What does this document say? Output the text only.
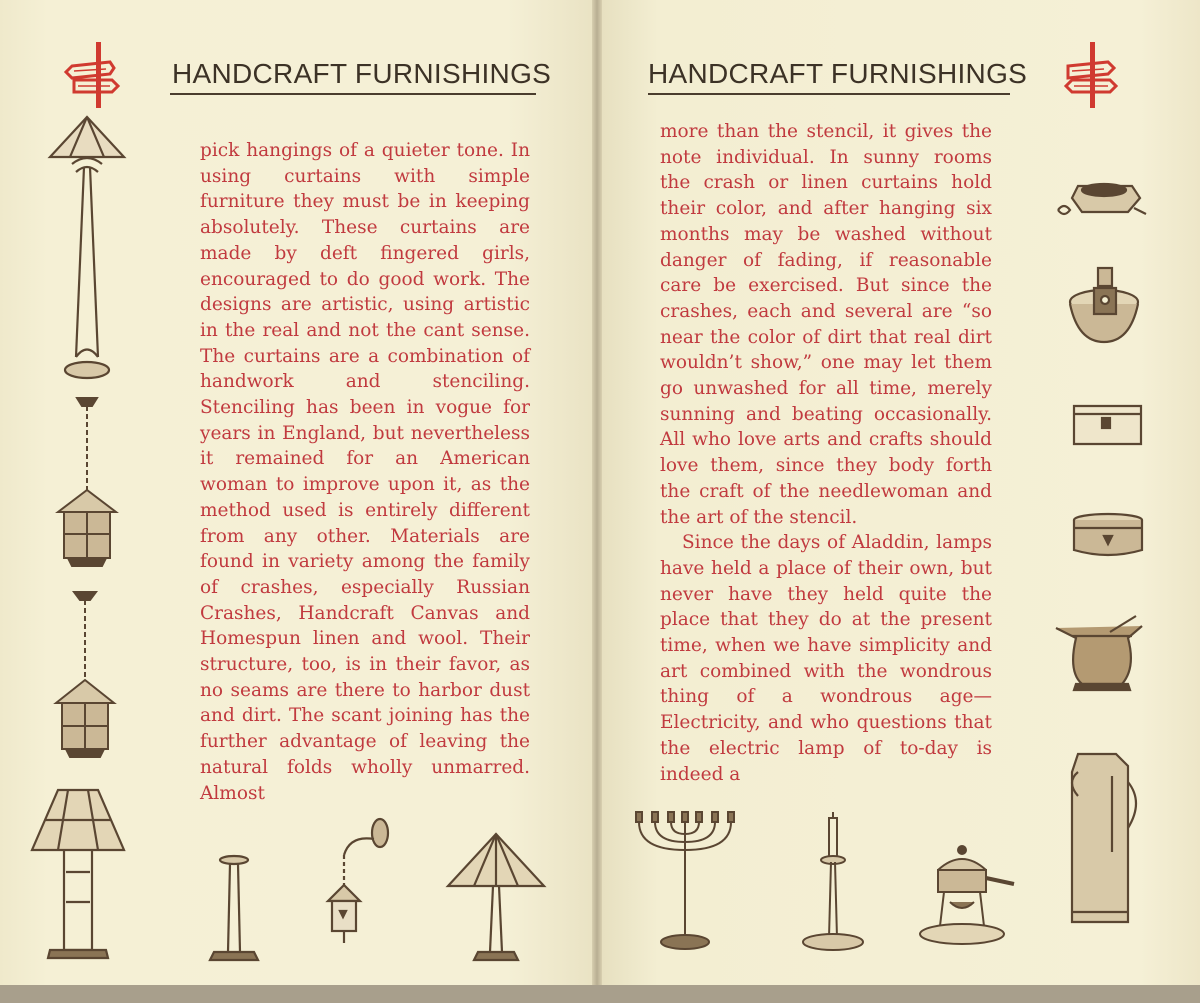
HANDCRAFT FURNISHINGS	HANDCRAFT FURNISHINGS

pick hangings of a quieter tone. In using curtains with simple furniture they must be in keeping absolutely. These curtains are made by deft fingered girls, encouraged to do good work. The designs are artistic, using artistic in the real and not the cant sense. The curtains are a combination of handwork and stenciling. Stenciling has been in vogue for years in England, but nevertheless it remained for an American woman to improve upon it, as the method used is entirely different from any other. Materials are found in variety among the family of crashes, especially Russian Crashes, Handcraft Canvas and Homespun linen and wool. Their structure, too, is in their favor, as no seams are there to harbor dust and dirt. The scant joining has the further advantage of leaving the natural folds wholly unmarred. Almost

more than the stencil, it gives the note individual. In sunny rooms the crash or linen curtains hold their color, and after hanging six months may be washed without danger of fading, if reasonable care be exercised. But since the crashes, each and several are “so near the color of dirt that real dirt wouldn’t show,” one may let them go unwashed for all time, merely sunning and beating occasionally. All who love arts and crafts should love them, since they body forth the craft of the needlewoman and the art of the stencil.

Since the days of Aladdin, lamps have held a place of their own, but never have they held quite the place that they do at the present time, when we have simplicity and art combined with the wondrous thing of a wondrous age—Electricity, and who questions that the electric lamp of to-day is indeed a
